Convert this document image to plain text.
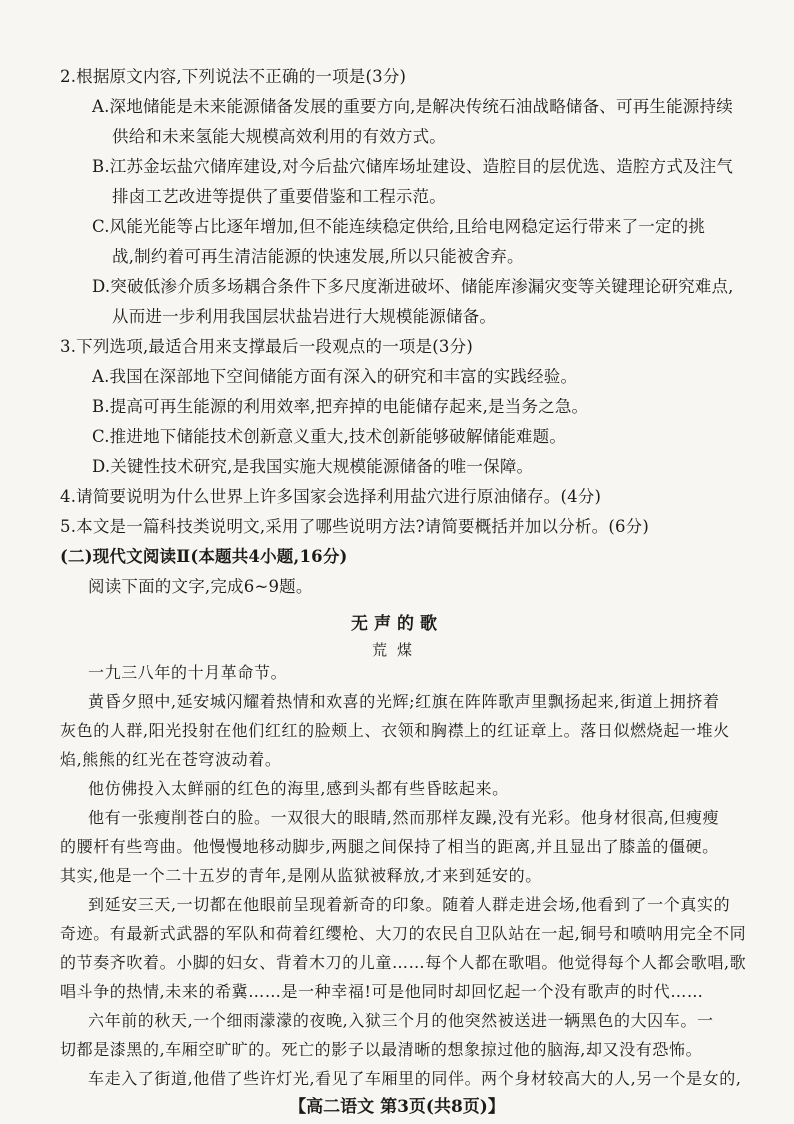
2.根据原文内容,下列说法不正确的一项是(3分)
A.深地储能是未来能源储备发展的重要方向,是解决传统石油战略储备、可再生能源持续
供给和未来氢能大规模高效利用的有效方式。
B.江苏金坛盐穴储库建设,对今后盐穴储库场址建设、造腔目的层优选、造腔方式及注气
排卤工艺改进等提供了重要借鉴和工程示范。
C.风能光能等占比逐年增加,但不能连续稳定供给,且给电网稳定运行带来了一定的挑
战,制约着可再生清洁能源的快速发展,所以只能被舍弃。
D.突破低渗介质多场耦合条件下多尺度渐进破坏、储能库渗漏灾变等关键理论研究难点,
从而进一步利用我国层状盐岩进行大规模能源储备。
3.下列选项,最适合用来支撑最后一段观点的一项是(3分)
A.我国在深部地下空间储能方面有深入的研究和丰富的实践经验。
B.提高可再生能源的利用效率,把弃掉的电能储存起来,是当务之急。
C.推进地下储能技术创新意义重大,技术创新能够破解储能难题。
D.关键性技术研究,是我国实施大规模能源储备的唯一保障。
4.请简要说明为什么世界上许多国家会选择利用盐穴进行原油储存。(4分)
5.本文是一篇科技类说明文,采用了哪些说明方法?请简要概括并加以分析。(6分)
(二)现代文阅读Ⅱ(本题共4小题,16分)
阅读下面的文字,完成6~9题。
无声的歌
荒煤
一九三八年的十月革命节。
黄昏夕照中,延安城闪耀着热情和欢喜的光辉;红旗在阵阵歌声里飘扬起来,街道上拥挤着
灰色的人群,阳光投射在他们红红的脸颊上、衣领和胸襟上的红证章上。落日似燃烧起一堆火
焰,熊熊的红光在苍穹波动着。
他仿佛投入太鲜丽的红色的海里,感到头都有些昏眩起来。
他有一张瘦削苍白的脸。一双很大的眼睛,然而那样友躁,没有光彩。他身材很高,但瘦瘦
的腰杆有些弯曲。他慢慢地移动脚步,两腿之间保持了相当的距离,并且显出了膝盖的僵硬。
其实,他是一个二十五岁的青年,是刚从监狱被释放,才来到延安的。
到延安三天,一切都在他眼前呈现着新奇的印象。随着人群走进会场,他看到了一个真实的
奇迹。有最新式武器的军队和荷着红缨枪、大刀的农民自卫队站在一起,铜号和喷呐用完全不同
的节奏齐吹着。小脚的妇女、背着木刀的儿童……每个人都在歌唱。他觉得每个人都会歌唱,歌
唱斗争的热情,未来的希冀……是一种幸福!可是他同时却回忆起一个没有歌声的时代……
六年前的秋天,一个细雨濛濛的夜晚,入狱三个月的他突然被送进一辆黑色的大囚车。一
切都是漆黑的,车厢空旷旷的。死亡的影子以最清晰的想象掠过他的脑海,却又没有恐怖。
【高二语文 第3页(共8页)】
车走入了街道,他借了些许灯光,看见了车厢里的同伴。两个身材较高大的人,另一个是女的,
